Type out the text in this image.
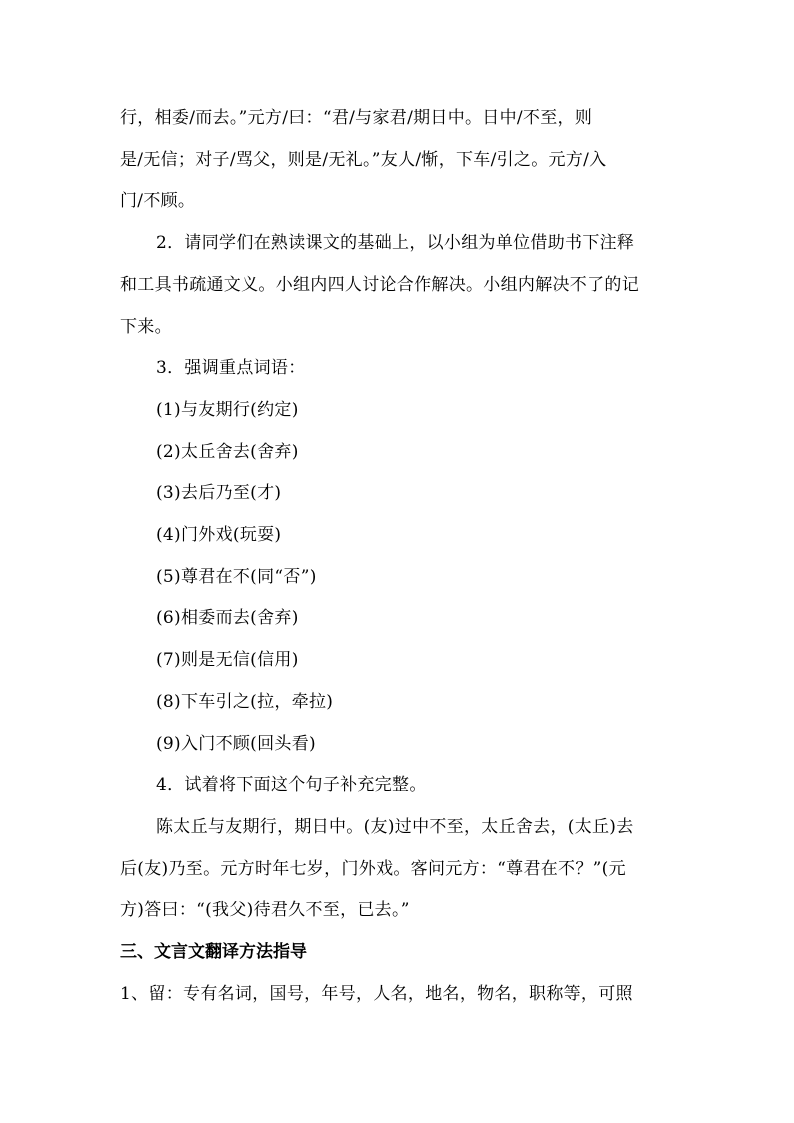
行，相委/而去。”元方/曰：“君/与家君/期日中。日中/不至，则
是/无信；对子/骂父，则是/无礼。”友人/惭，下车/引之。元方/入
门/不顾。
2．请同学们在熟读课文的基础上，以小组为单位借助书下注释
和工具书疏通文义。小组内四人讨论合作解决。小组内解决不了的记
下来。
3．强调重点词语：
(1)与友期行(约定)
(2)太丘舍去(舍弃)
(3)去后乃至(才)
(4)门外戏(玩耍)
(5)尊君在不(同“否”)
(6)相委而去(舍弃)
(7)则是无信(信用)
(8)下车引之(拉，牵拉)
(9)入门不顾(回头看)
4．试着将下面这个句子补充完整。
陈太丘与友期行，期日中。(友)过中不至，太丘舍去，(太丘)去
后(友)乃至。元方时年七岁，门外戏。客问元方：“尊君在不？”(元
方)答曰：“(我父)待君久不至，已去。”
三、文言文翻译方法指导
1、留：专有名词，国号，年号，人名，地名，物名，职称等，可照
